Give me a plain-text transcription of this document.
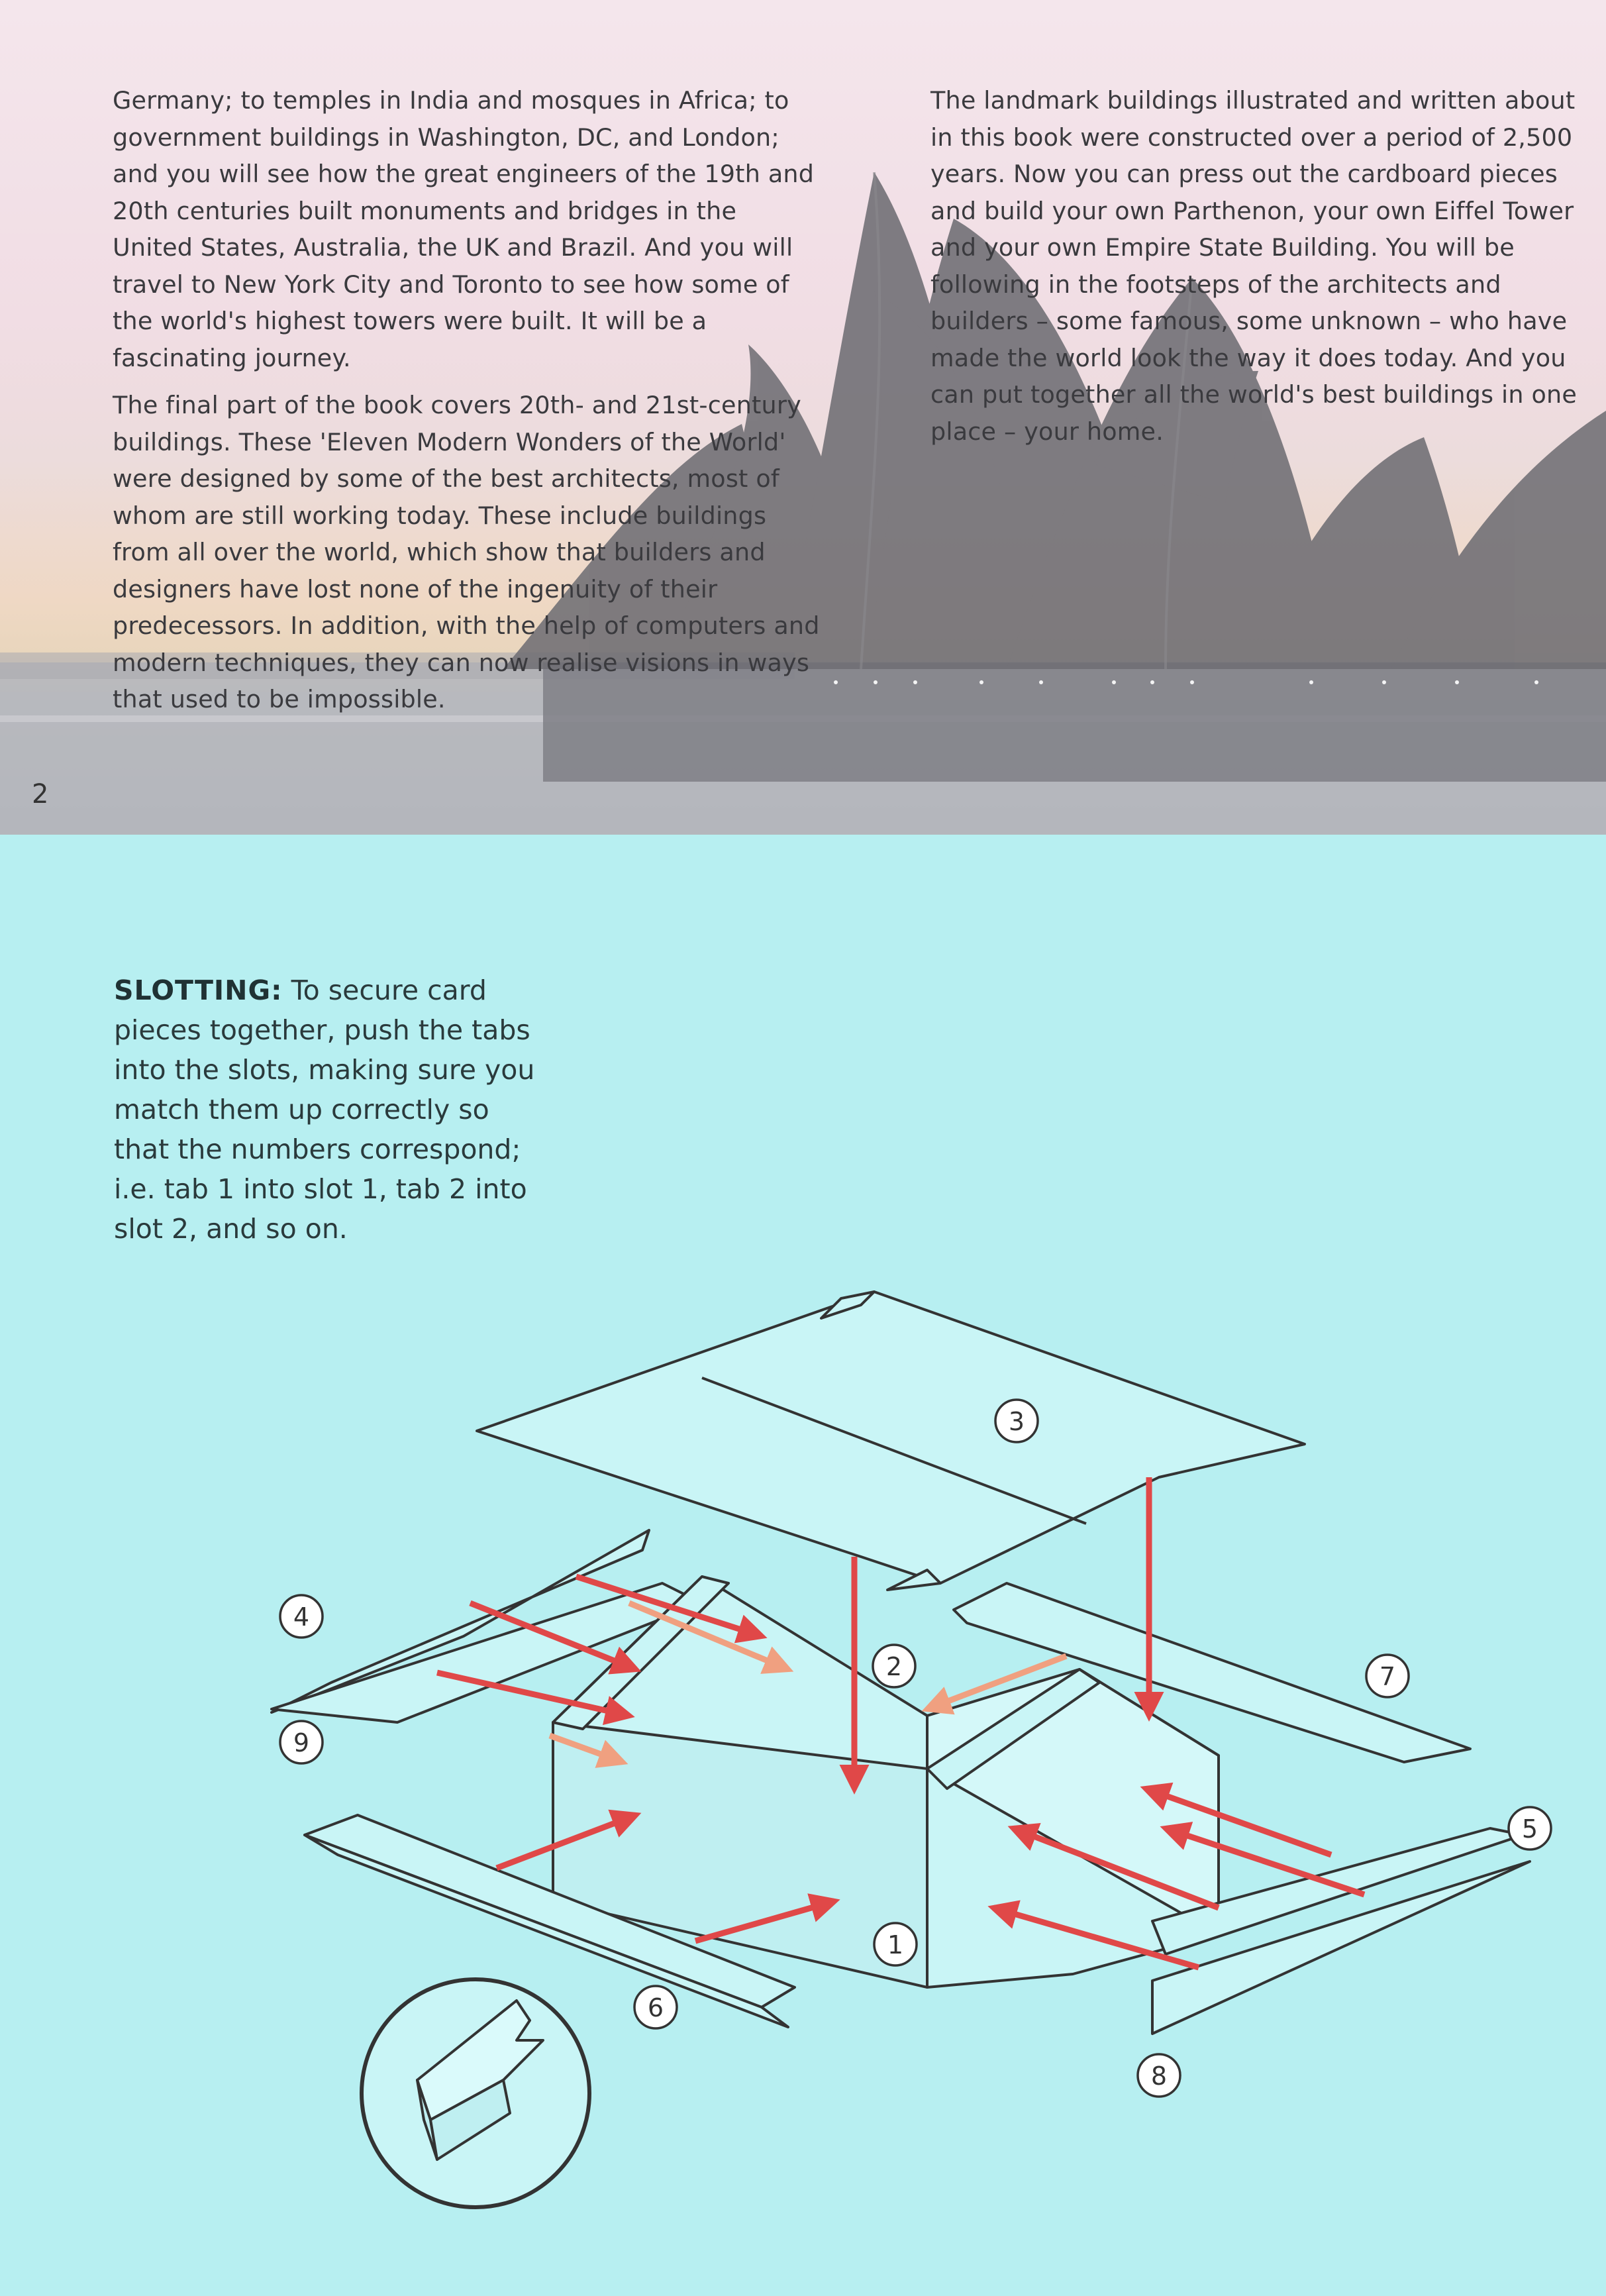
Germany; to temples in India and mosques in Africa; to government buildings in Washington, DC, and London; and you will see how the great engineers of the 19th and 20th centuries built monuments and bridges in the United States, Australia, the UK and Brazil. And you will travel to New York City and Toronto to see how some of the world's highest towers were built. It will be a fascinating journey.

The final part of the book covers 20th- and 21st-century buildings. These 'Eleven Modern Wonders of the World' were designed by some of the best architects, most of whom are still working today. These include buildings from all over the world, which show that builders and designers have lost none of the ingenuity of their predecessors. In addition, with the help of computers and modern techniques, they can now realise visions in ways that used to be impossible.

The landmark buildings illustrated and written about in this book were constructed over a period of 2,500 years. Now you can press out the cardboard pieces and build your own Parthenon, your own Eiffel Tower and your own Empire State Building. You will be following in the footsteps of the architects and builders – some famous, some unknown – who have made the world look the way it does today. And you can put together all the world's best buildings in one place – your home.

2
SLOTTING: To secure card pieces together, push the tabs into the slots, making sure you match them up correctly so that the numbers correspond; i.e. tab 1 into slot 1, tab 2 into slot 2, and so on.
3
4
9
2	7
5
1
6
8
